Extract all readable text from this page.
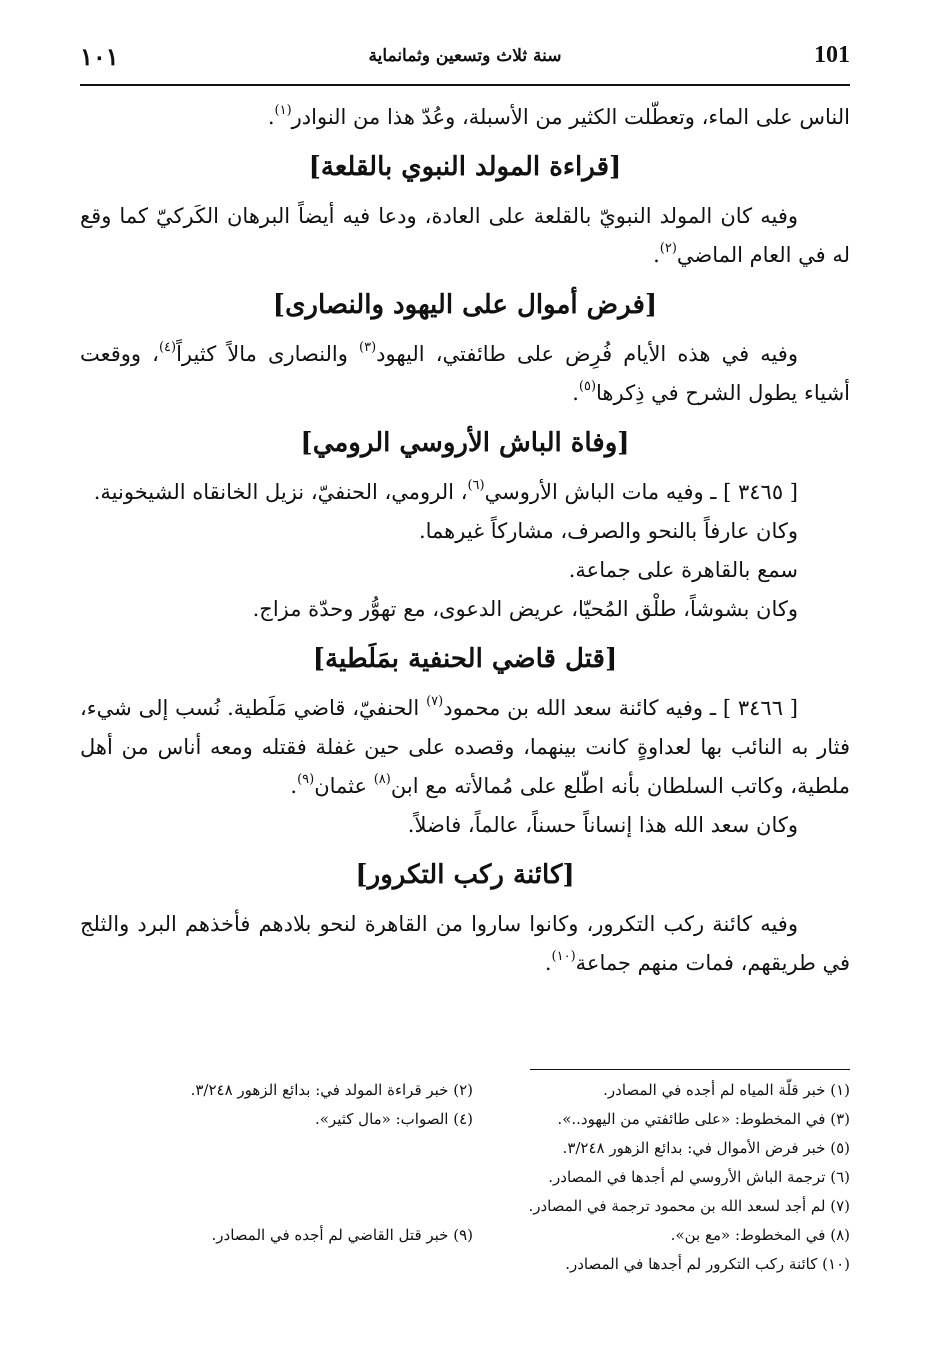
101
سنة ثلاث وتسعين وثمانماية
١٠١

الناس على الماء، وتعطّلت الكثير من الأسبلة، وعُدّ هذا من النوادر$^{(١)}$.

[قراءة المولد النبوي بالقلعة]

وفيه كان المولد النبويّ بالقلعة على العادة، ودعا فيه أيضاً البرهان الكَركيّ كما وقع له في العام الماضي$^{(٢)}$.

[فرض أموال على اليهود والنصارى]

وفيه في هذه الأيام فُرِض على طائفتي، اليهود$^{(٣)}$ والنصارى مالاً كثيراً$^{(٤)}$، ووقعت أشياء يطول الشرح في ذِكرها$^{(٥)}$.

[وفاة الباش الأروسي الرومي]

[ ٣٤٦٥ ] ـ وفيه مات الباش الأروسي$^{(٦)}$، الرومي، الحنفيّ، نزيل الخانقاه الشيخونية.

وكان عارفاً بالنحو والصرف، مشاركاً غيرهما.

سمع بالقاهرة على جماعة.

وكان بشوشاً، طلْق المُحيّا، عريض الدعوى، مع تهوُّر وحدّة مزاج.

[قتل قاضي الحنفية بمَلَطية]

[ ٣٤٦٦ ] ـ وفيه كائنة سعد الله بن محمود$^{(٧)}$ الحنفيّ، قاضي مَلَطية. نُسب إلى شيء، فثار به النائب بها لعداوةٍ كانت بينهما، وقصده على حين غفلة فقتله ومعه أناس من أهل ملطية، وكاتب السلطان بأنه اطّلع على مُمالأته مع ابن$^{(٨)}$ عثمان$^{(٩)}$.

وكان سعد الله هذا إنساناً حسناً، عالماً، فاضلاً.

[كائنة ركب التكرور]

وفيه كائنة ركب التكرور، وكانوا ساروا من القاهرة لنحو بلادهم فأخذهم البرد والثلج في طريقهم، فمات منهم جماعة$^{(١٠)}$.

(١) خبر قلّة المياه لم أجده في المصادر.
(٢) خبر قراءة المولد في: بدائع الزهور ٣/٢٤٨.
(٣) في المخطوط: «على طائفتي من اليهود..».
(٤) الصواب: «مال كثير».
(٥) خبر فرض الأموال في: بدائع الزهور ٣/٢٤٨.
(٦) ترجمة الباش الأروسي لم أجدها في المصادر.
(٧) لم أجد لسعد الله بن محمود ترجمة في المصادر.
(٨) في المخطوط: «مع بن».
(٩) خبر قتل القاضي لم أجده في المصادر.
(١٠) كائنة ركب التكرور لم أجدها في المصادر.
